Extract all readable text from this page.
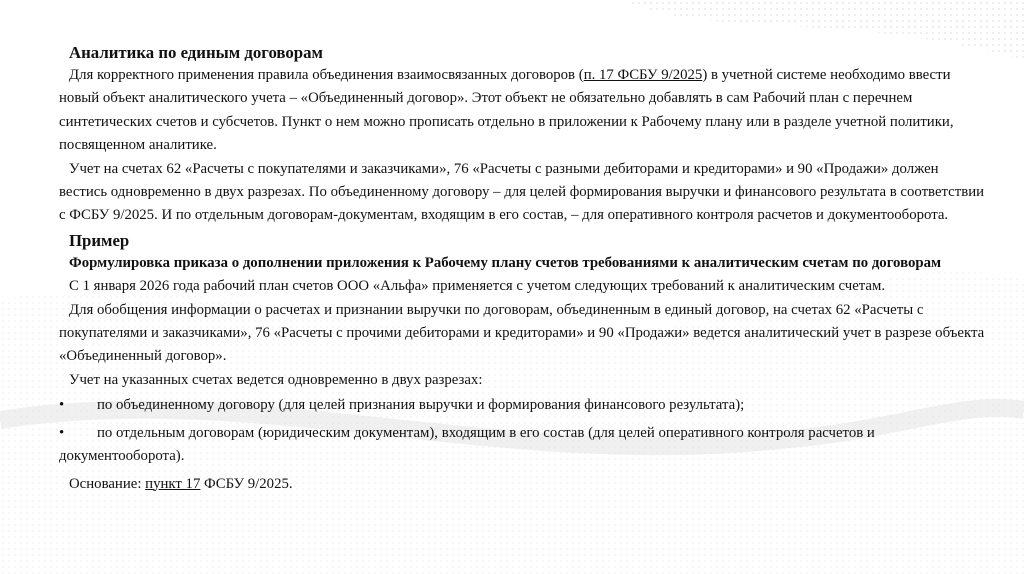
Аналитика по единым договорам

Для корректного применения правила объединения взаимосвязанных договоров (п. 17 ФСБУ 9/2025) в учетной системе необходимо ввести новый объект аналитического учета – «Объединенный договор». Этот объект не обязательно добавлять в сам Рабочий план с перечнем синтетических счетов и субсчетов. Пункт о нем можно прописать отдельно в приложении к Рабочему плану или в разделе учетной политики, посвященном аналитике.

Учет на счетах 62 «Расчеты с покупателями и заказчиками», 76 «Расчеты с разными дебиторами и кредиторами» и 90 «Продажи» должен вестись одновременно в двух разрезах. По объединенному договору – для целей формирования выручки и финансового результата в соответствии с ФСБУ 9/2025. И по отдельным договорам-документам, входящим в его состав, – для оперативного контроля расчетов и документооборота.

Пример

Формулировка приказа о дополнении приложения к Рабочему плану счетов требованиями к аналитическим счетам по договорам

С 1 января 2026 года рабочий план счетов ООО «Альфа» применяется с учетом следующих требований к аналитическим счетам.

Для обобщения информации о расчетах и признании выручки по договорам, объединенным в единый договор, на счетах 62 «Расчеты с покупателями и заказчиками», 76 «Расчеты с прочими дебиторами и кредиторами» и 90 «Продажи» ведется аналитический учет в разрезе объекта «Объединенный договор».

Учет на указанных счетах ведется одновременно в двух разрезах:

• по объединенному договору (для целей признания выручки и формирования финансового результата);

• по отдельным договорам (юридическим документам), входящим в его состав (для целей оперативного контроля расчетов и документооборота).

Основание: пункт 17 ФСБУ 9/2025.
